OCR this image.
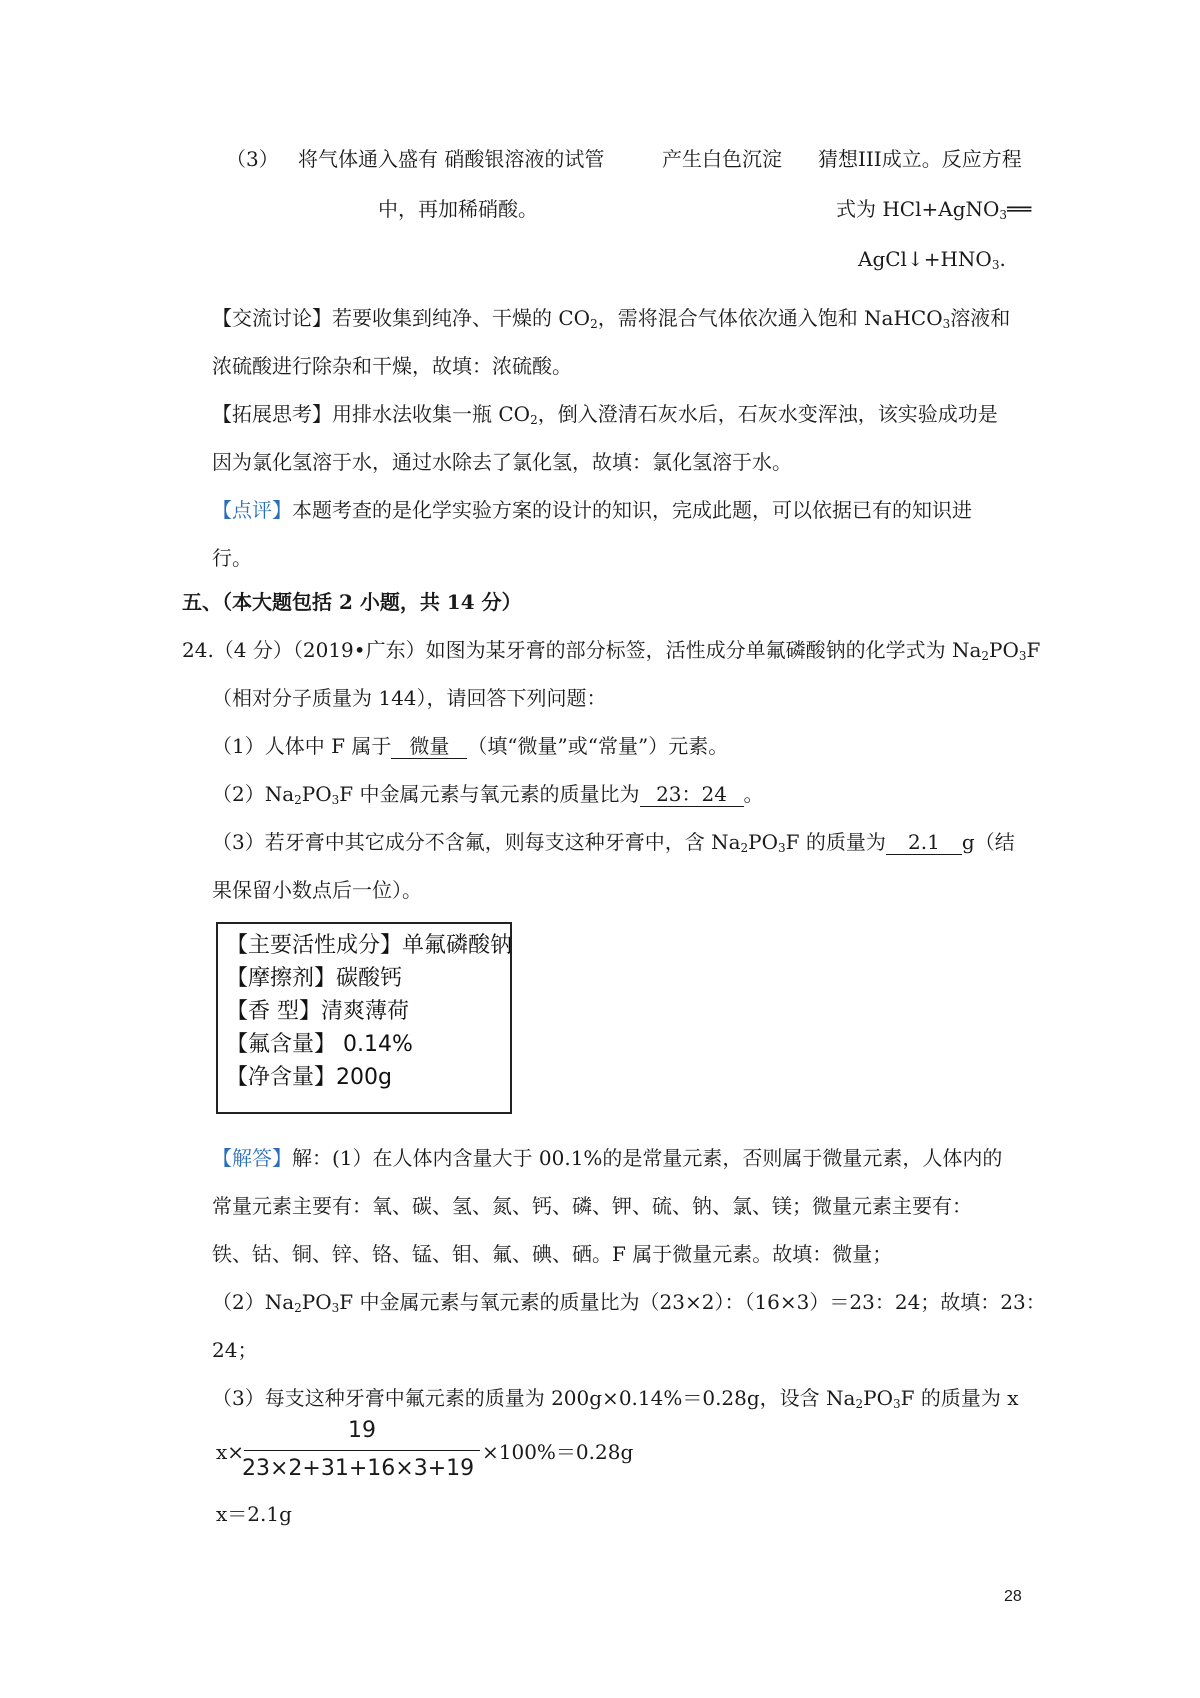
（3） 将气体通入盛有 硝酸银溶液的试管
中，再加稀硝酸。
产生白色沉淀 猜想III成立。反应方程
式为 HCl+AgNO$_3$══
$AgCl↓+HNO_3$.
【交流讨论】若要收集到纯净、干燥的 $CO_2$，需将混合气体依次通入饱和 NaHCO$_3$溶液和
浓硫酸进行除杂和干燥，故填：浓硫酸。
【拓展思考】用排水法收集一瓶 $CO_2$，倒入澄清石灰水后，石灰水变浑浊，该实验成功是
因为氯化氢溶于水，通过水除去了氯化氢，故填：氯化氢溶于水。
【点评】本题考查的是化学实验方案的设计的知识，完成此题，可以依据已有的知识进
行。
五、（本大题包括 2 小题，共 14 分）
24.（4 分）（2019•广东）如图为某牙膏的部分标签，活性成分单氟磷酸钠的化学式为 $Na_2PO_3F$
（相对分子质量为 144），请回答下列问题：
（1）人体中 F 属于 微量 （填“微量”或“常量”）元素。
$(2)Na_2PO_3F$ 中金属元素与氧元素的质量比为 23：24 。
（3）若牙膏中其它成分不含氟，则每支这种牙膏中，含 $Na_2PO_3F$ 的质量为 2.1 g（结
果保留小数点后一位）。
【主要活性成分】单氟磷酸钠
【摩擦剂】碳酸钙
【香 型】清爽薄荷
【氟含量】 0.14%
【净含量】200g
【解答】解：(1）在人体内含量大于 00.1%的是常量元素，否则属于微量元素，人体内的
常量元素主要有：氧、碳、氢、氮、钙、磷、钾、硫、钠、氯、镁；微量元素主要有：
铁、钴、铜、锌、铬、锰、钼、氟、碘、硒。F 属于微量元素。故填：微量；
$(2)Na_2PO_3F$ 中金属元素与氧元素的质量比为（23×2）：（16×3）＝23：24；故填：23：
24；
（3）每支这种牙膏中氟元素的质量为 200g×0.14%＝0.28g，设含 $Na_2PO_3F$ 的质量为 x
x×
19
23×2+31+16×3+19
×100%＝0.28g
x＝2.1g
28
